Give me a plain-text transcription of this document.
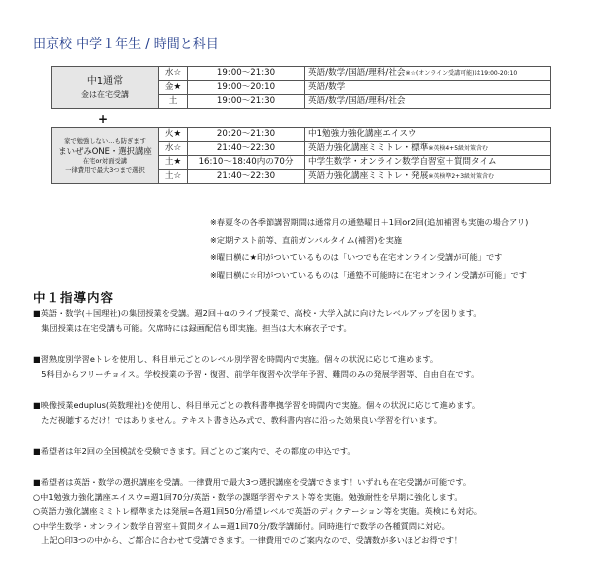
田京校 中学１年生 / 時間と科目
中1通常
金は在宅受講	水☆	19:00〜21:30	英語/数学/国語/理科/社会※☆(オンライン受講可能)は19:00-20:10
	金★	19:00〜20:10	英語/数学
	土	19:00〜21:30	英語/数学/国語/理科/社会
+
家で勉強しない…も防ぎます
まいぜみONE・選択講座
在宅or対面受講
一律費用で最大3つまで選択	火★	20:20〜21:30	中1勉強力強化講座エイスウ
	水☆	21:40〜22:30	英語力強化講座ミミトレ・標準※英検4+5級対策含む
	土★	16:10〜18:40内の70分	中学生数学・オンライン数学自習室＋質問タイム
	土☆	21:40〜22:30	英語力強化講座ミミトレ・発展※英検準2+3級対策含む
※春夏冬の各季節講習期間は通常月の通塾曜日＋1回or2回(追加補習も実施の場合アリ)
※定期テスト前等、直前ガンバルタイム(補習)を実施
※曜日横に★印がついているものは「いつでも在宅オンライン受講が可能」です
※曜日横に☆印がついているものは「通塾不可能時に在宅オンライン受講が可能」です
中１指導内容

■英語・数学(＋国理社)の集団授業を受講。週2回＋αのライブ授業で、高校・大学入試に向けたレベルアップを図ります。

　集団授業は在宅受講も可能。欠席時には録画配信も即実施。担当は大木麻衣子です。

■習熟度別学習eトレを使用し、科目単元ごとのレベル別学習を時間内で実施。個々の状況に応じて進めます。

　5科目からフリーチョイス。学校授業の予習・復習、前学年復習や次学年予習、難問のみの発展学習等、自由自在です。

■映像授業eduplus(英数理社)を使用し、科目単元ごとの教科書準拠学習を時間内で実施。個々の状況に応じて進めます。

　ただ視聴するだけ！ではありません。テキスト書き込み式で、教科書内容に沿った効果良い学習を行います。

■希望者は年2回の全国模試を受験できます。回ごとのご案内で、その都度の申込です。

■希望者は英語・数学の選択講座を受講。一律費用で最大3つ選択講座を受講できます！いずれも在宅受講が可能です。

○中1勉強力強化講座エイスウ=週1回70分/英語・数学の課題学習やテスト等を実施。勉強耐性を早期に強化します。

○英語力強化講座ミミトレ標準または発展=各週1回50分/希望レベルで英語のディクテーション等を実施。英検にも対応。

○中学生数学・オンライン数学自習室＋質問タイム=週1回70分/数学講師付。同時進行で数学の各種質問に対応。

　上記○印3つの中から、ご都合に合わせて受講できます。一律費用でのご案内なので、受講数が多いほどお得です！
